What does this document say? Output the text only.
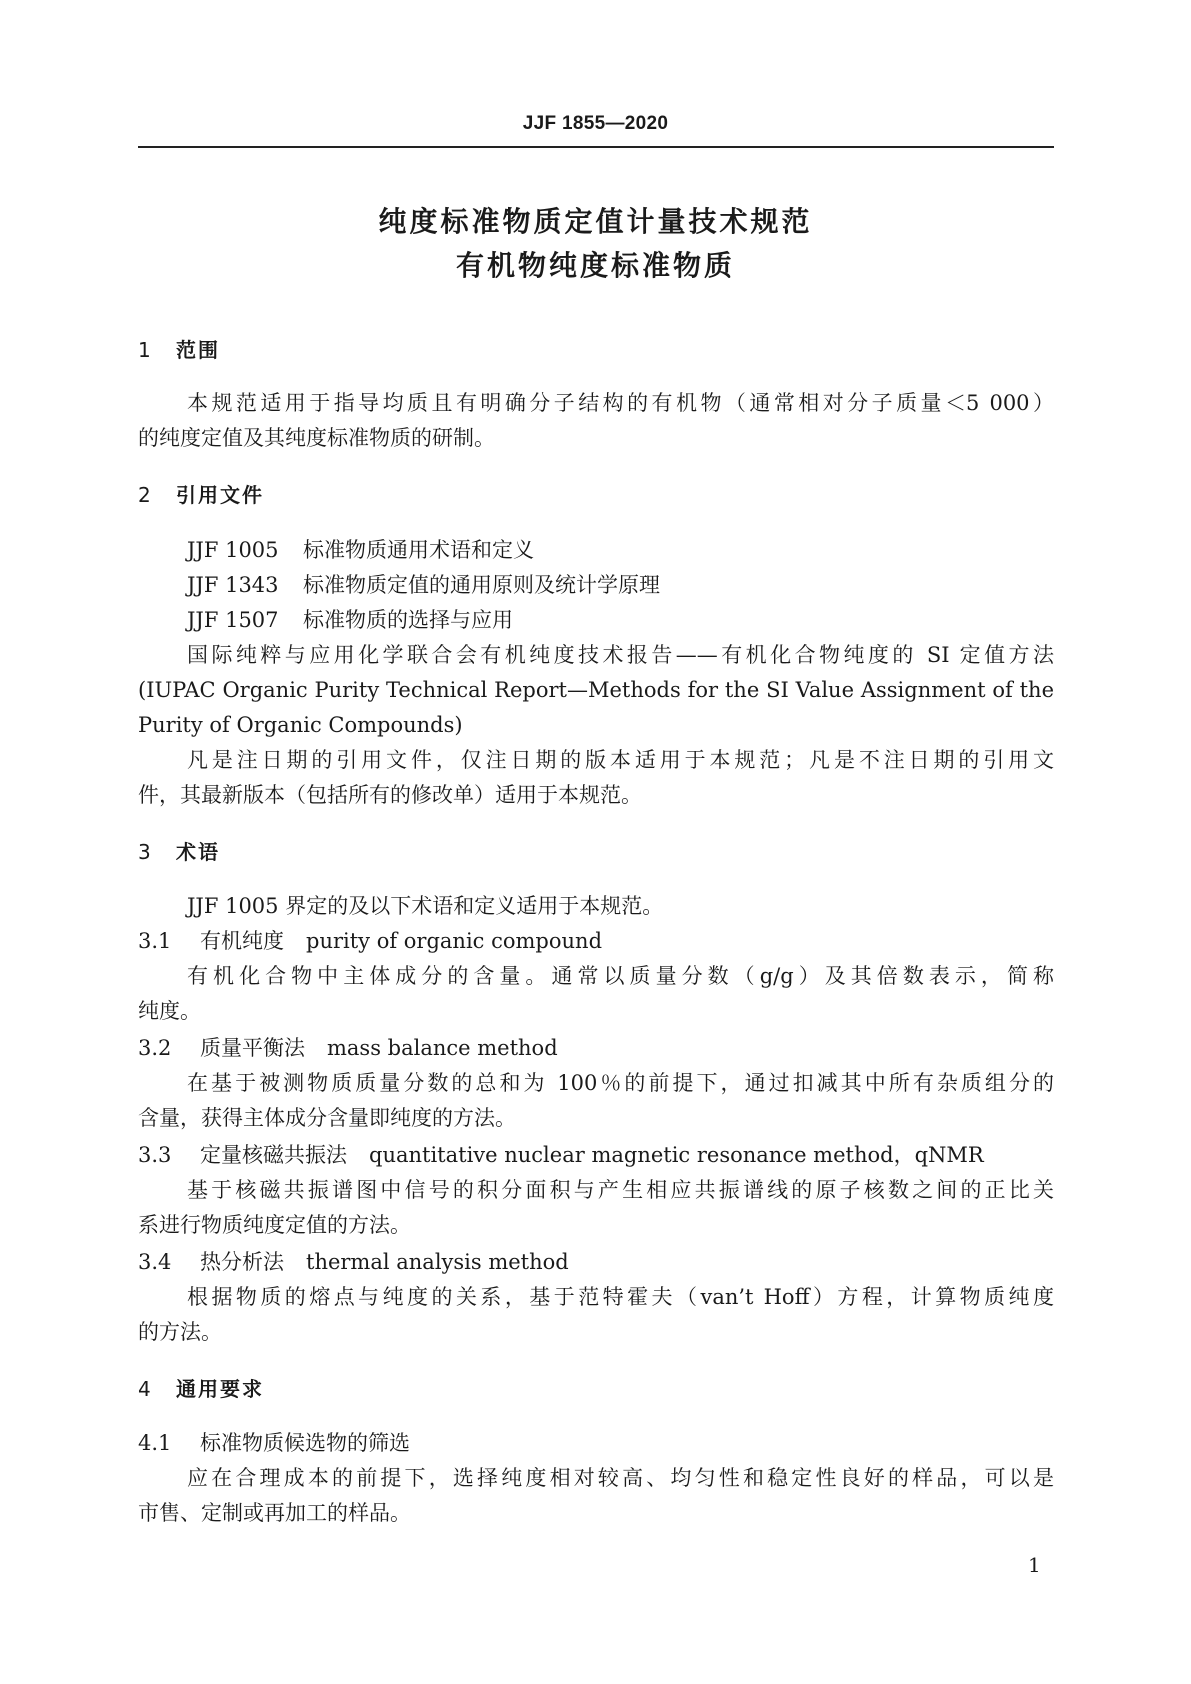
JJF 1855—2020
纯度标准物质定值计量技术规范
有机物纯度标准物质
1 范围
本规范适用于指导均质且有明确分子结构的有机物（通常相对分子质量＜5 000）
的纯度定值及其纯度标准物质的研制。
2 引用文件
JJF 1005 标准物质通用术语和定义
JJF 1343 标准物质定值的通用原则及统计学原理
JJF 1507 标准物质的选择与应用
国际纯粹与应用化学联合会有机纯度技术报告——有机化合物纯度的 SI 定值方法
(IUPAC Organic Purity Technical Report—Methods for the SI Value Assignment of the
Purity of Organic Compounds)
凡是注日期的引用文件，仅注日期的版本适用于本规范；凡是不注日期的引用文
件，其最新版本（包括所有的修改单）适用于本规范。
3 术语
JJF 1005 界定的及以下术语和定义适用于本规范。
3.1 有机纯度 purity of organic compound
有机化合物中主体成分的含量。通常以质量分数（g/g）及其倍数表示，简称
纯度。
3.2 质量平衡法 mass balance method
在基于被测物质质量分数的总和为 100％的前提下，通过扣减其中所有杂质组分的
含量，获得主体成分含量即纯度的方法。
3.3 定量核磁共振法 quantitative nuclear magnetic resonance method，qNMR
基于核磁共振谱图中信号的积分面积与产生相应共振谱线的原子核数之间的正比关
系进行物质纯度定值的方法。
3.4 热分析法 thermal analysis method
根据物质的熔点与纯度的关系，基于范特霍夫（van’t Hoff）方程，计算物质纯度
的方法。
4 通用要求
4.1 标准物质候选物的筛选
应在合理成本的前提下，选择纯度相对较高、均匀性和稳定性良好的样品，可以是
市售、定制或再加工的样品。
1
